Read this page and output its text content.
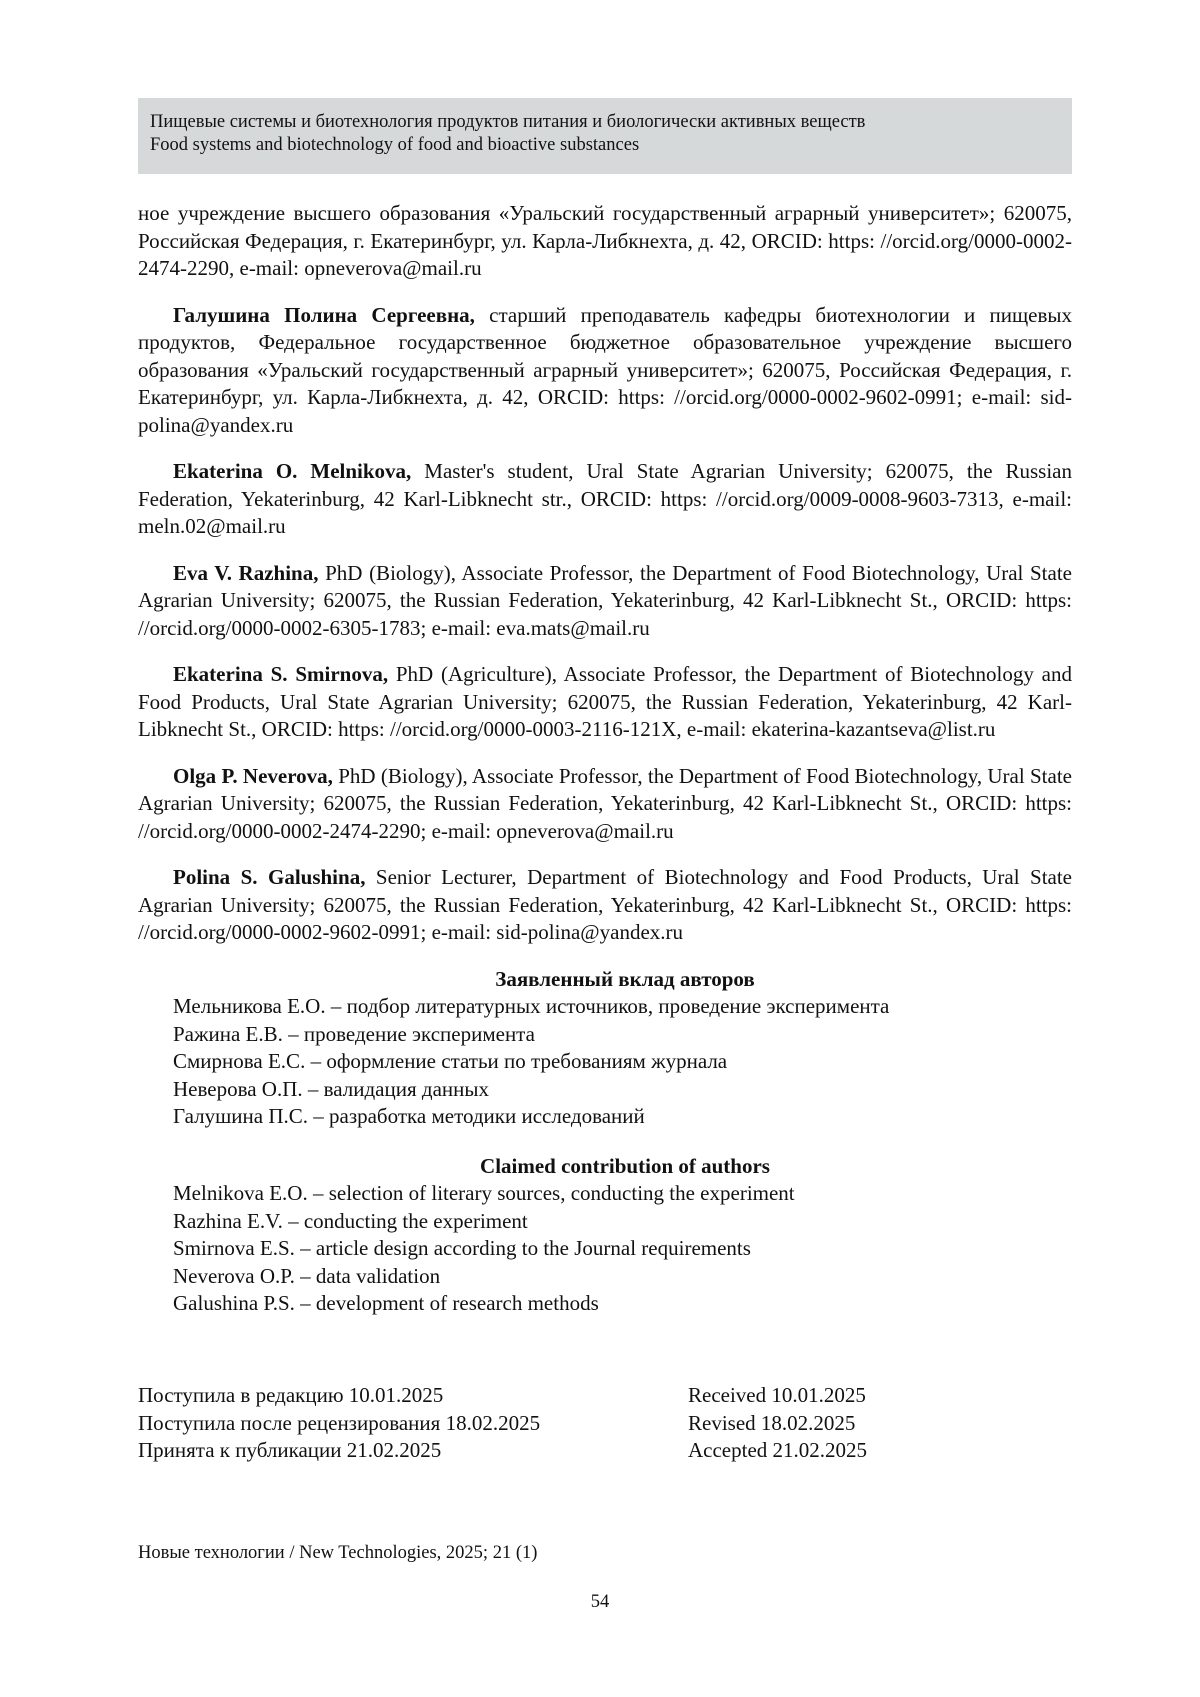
Пищевые системы и биотехнология продуктов питания и биологически активных веществ
Food systems and biotechnology of food and bioactive substances

ное учреждение высшего образования «Уральский государственный аграрный университет»; 620075, Российская Федерация, г. Екатеринбург, ул. Карла-Либкнехта, д. 42, ORCID: https: //orcid.org/0000-0002-2474-2290, e-mail: opneverova@mail.ru

Галушина Полина Сергеевна, старший преподаватель кафедры биотехнологии и пищевых продуктов, Федеральное государственное бюджетное образовательное учреждение высшего образования «Уральский государственный аграрный университет»; 620075, Российская Федерация, г. Екатеринбург, ул. Карла-Либкнехта, д. 42, ORCID: https: //orcid.org/0000-0002-9602-0991; e-mail: sid-polina@yandex.ru

Ekaterina O. Melnikova, Master's student, Ural State Agrarian University; 620075, the Russian Federation, Yekaterinburg, 42 Karl-Libknecht str., ORCID: https: //orcid.org/0009-0008-9603-7313, e-mail: meln.02@mail.ru

Eva V. Razhina, PhD (Biology), Associate Professor, the Department of Food Biotechnology, Ural State Agrarian University; 620075, the Russian Federation, Yekaterinburg, 42 Karl-Libknecht St., ORCID: https: //orcid.org/0000-0002-6305-1783; e-mail: eva.mats@mail.ru

Ekaterina S. Smirnova, PhD (Agriculture), Associate Professor, the Department of Biotechnology and Food Products, Ural State Agrarian University; 620075, the Russian Federation, Yekaterinburg, 42 Karl-Libknecht St., ORCID: https: //orcid.org/0000-0003-2116-121X, e-mail: ekaterina-kazantseva@list.ru

Olga P. Neverova, PhD (Biology), Associate Professor, the Department of Food Biotechnology, Ural State Agrarian University; 620075, the Russian Federation, Yekaterinburg, 42 Karl-Libknecht St., ORCID: https: //orcid.org/0000-0002-2474-2290; e-mail: opneverova@mail.ru

Polina S. Galushina, Senior Lecturer, Department of Biotechnology and Food Products, Ural State Agrarian University; 620075, the Russian Federation, Yekaterinburg, 42 Karl-Libknecht St., ORCID: https: //orcid.org/0000-0002-9602-0991; e-mail: sid-polina@yandex.ru

Заявленный вклад авторов
Мельникова Е.О. – подбор литературных источников, проведение эксперимента
Ражина Е.В. – проведение эксперимента
Смирнова Е.С. – оформление статьи по требованиям журнала
Неверова О.П. – валидация данных
Галушина П.С. – разработка методики исследований
Claimed contribution of authors
Melnikova E.O. – selection of literary sources, conducting the experiment
Razhina E.V. – conducting the experiment
Smirnova E.S. – article design according to the Journal requirements
Neverova O.P. – data validation
Galushina P.S. – development of research methods
Поступила в редакцию 10.01.2025
Поступила после рецензирования 18.02.2025
Принята к публикации 21.02.2025
Received 10.01.2025
Revised 18.02.2025
Accepted 21.02.2025
Новые технологии / New Technologies, 2025; 21 (1)
54
